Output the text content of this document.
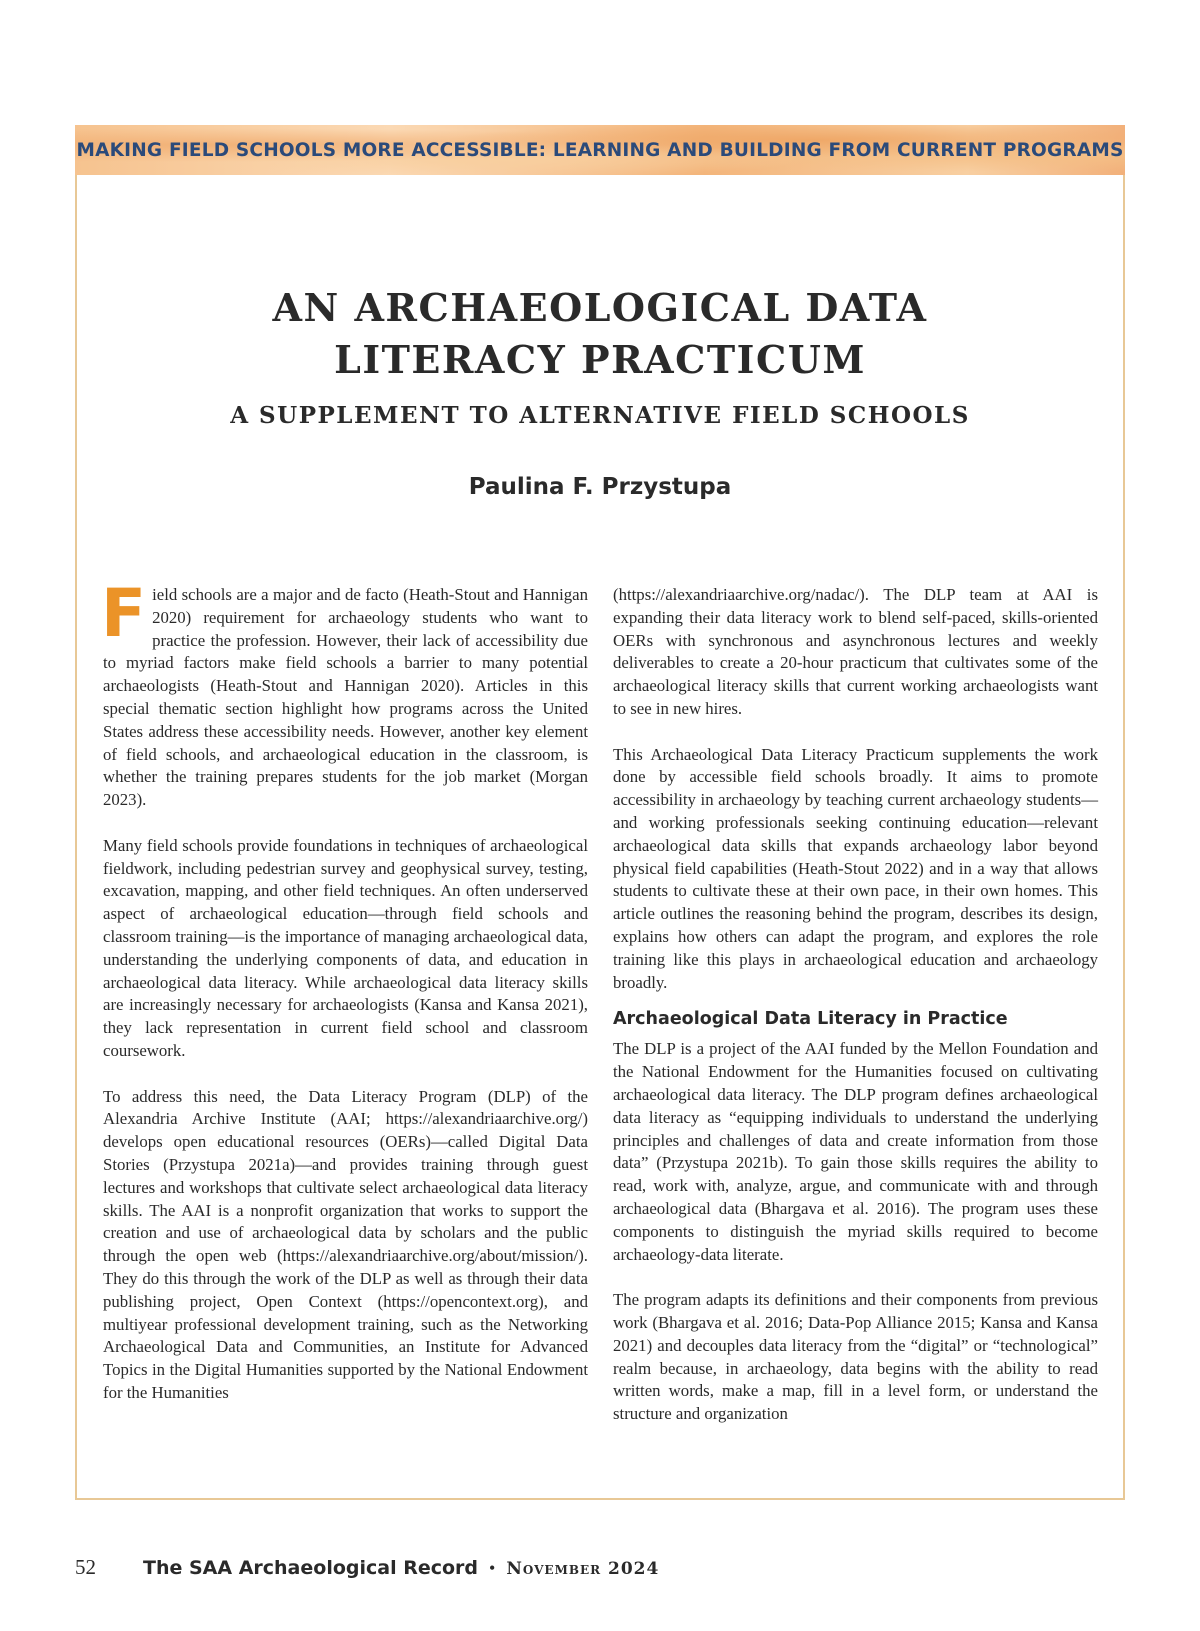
MAKING FIELD SCHOOLS MORE ACCESSIBLE: LEARNING AND BUILDING FROM CURRENT PROGRAMS
AN ARCHAEOLOGICAL DATA
LITERACY PRACTICUM
A SUPPLEMENT TO ALTERNATIVE FIELD SCHOOLS
Paulina F. Przystupa

Field schools are a major and de facto (Heath-Stout and Hannigan 2020) requirement for archaeology students who want to practice the profession. However, their lack of accessibility due to myriad factors make field schools a barrier to many potential archaeologists (Heath-Stout and Hannigan 2020). Articles in this special thematic section highlight how programs across the United States address these accessibility needs. However, another key element of field schools, and archaeological education in the classroom, is whether the training prepares students for the job market (Morgan 2023).

Many field schools provide foundations in techniques of archaeological fieldwork, including pedestrian survey and geophysical survey, testing, excavation, mapping, and other field techniques. An often underserved aspect of archaeological education—through field schools and classroom training—is the importance of managing archaeological data, understanding the underlying components of data, and education in archaeological data literacy. While archaeological data literacy skills are increasingly necessary for archaeologists (Kansa and Kansa 2021), they lack representation in current field school and classroom coursework.

To address this need, the Data Literacy Program (DLP) of the Alexandria Archive Institute (AAI; https://alexandriaarchive.org/) develops open educational resources (OERs)—called Digital Data Stories (Przystupa 2021a)—and provides training through guest lectures and workshops that cultivate select archaeological data literacy skills. The AAI is a nonprofit organization that works to support the creation and use of archaeological data by scholars and the public through the open web (https://alexandriaarchive.org/about/mission/). They do this through the work of the DLP as well as through their data publishing project, Open Context (https://opencontext.org), and multiyear professional development training, such as the Networking Archaeological Data and Communities, an Institute for Advanced Topics in the Digital Humanities supported by the National Endowment for the Humanities

(https://alexandriaarchive.org/nadac/). The DLP team at AAI is expanding their data literacy work to blend self-paced, skills-oriented OERs with synchronous and asynchronous lectures and weekly deliverables to create a 20-hour practicum that cultivates some of the archaeological literacy skills that current working archaeologists want to see in new hires.

This Archaeological Data Literacy Practicum supplements the work done by accessible field schools broadly. It aims to promote accessibility in archaeology by teaching current archaeology students—and working professionals seeking continuing education—relevant archaeological data skills that expands archaeology labor beyond physical field capabilities (Heath-Stout 2022) and in a way that allows students to cultivate these at their own pace, in their own homes. This article outlines the reasoning behind the program, describes its design, explains how others can adapt the program, and explores the role training like this plays in archaeological education and archaeology broadly.

Archaeological Data Literacy in Practice

The DLP is a project of the AAI funded by the Mellon Foundation and the National Endowment for the Humanities focused on cultivating archaeological data literacy. The DLP program defines archaeological data literacy as “equipping individuals to understand the underlying principles and challenges of data and create information from those data” (Przystupa 2021b). To gain those skills requires the ability to read, work with, analyze, argue, and communicate with and through archaeological data (Bhargava et al. 2016). The program uses these components to distinguish the myriad skills required to become archaeology-data literate.

The program adapts its definitions and their components from previous work (Bhargava et al. 2016; Data-Pop Alliance 2015; Kansa and Kansa 2021) and decouples data literacy from the “digital” or “technological” realm because, in archaeology, data begins with the ability to read written words, make a map, fill in a level form, or understand the structure and organization

52 The SAA Archaeological Record • November 2024
